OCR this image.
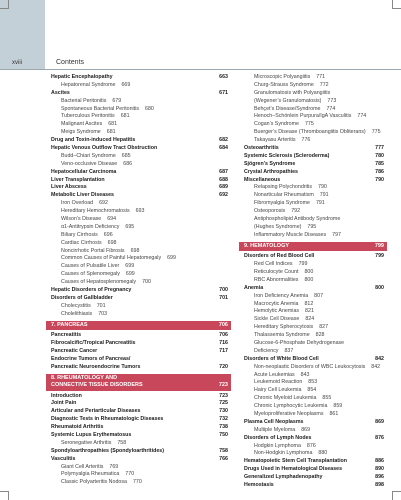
xviii	Contents
Hepatic Encephalopathy	663
Hepatorenal Syndrome 669
Ascites	671
Bacterial Peritonitis 679
Spontaneous Bacterial Peritonitis 680
Tuberculous Peritonitis 681
Malignant Ascites 681
Meigs Syndrome 681
Drug and Toxin-induced Hepatitis	682
Hepatic Venous Outflow Tract Obstruction	684
Budd–Chiari Syndrome 685
Veno-occlusive Disease 686
Hepatocellular Carcinoma	687
Liver Transplantation	688
Liver Abscess	689
Metabolic Liver Diseases	692
Iron Overload 692
Hereditary Hemochromatosis 693
Wilson’s Disease 694
α1-Antitrypsin Deficiency 695
Biliary Cirrhosis 696
Cardiac Cirrhosis 698
Noncirrhotic Portal Fibrosis 698
Common Causes of Painful Hepatomegaly 699
Causes of Pulsatile Liver 699
Causes of Splenomegaly 699
Causes of Hepatosplenomegaly 700
Hepatic Disorders of Pregnancy	700
Disorders of Gallbladder	701
Cholecystitis 701
Cholelithiasis 703
7. PANCREAS	706
Pancreatitis	706
Fibrocalcific/Tropical Pancreatitis	716
Pancreatic Cancer	717
Endocrine Tumors of Pancreas/
Pancreatic Neuroendocrine Tumors	720
8. RHEUMATOLOGY AND
CONNECTIVE TISSUE DISORDERS	723
Introduction	723
Joint Pain	725
Articular and Periarticular Diseases	730
Diagnostic Tests in Rheumatologic Diseases	732
Rheumatoid Arthritis	738
Systemic Lupus Erythematosus	750
Seronegative Arthritis 758
Spondyloarthropathies (Spondyloarthritides)	758
Vasculitis	766
Giant Cell Arteritis 769
Polymyalgia Rheumatica 770
Classic Polyarteritis Nodosa 770
Microscopic Polyangiitis 771
Churg-Strauss Syndrome 772
Granulomatosis with Polyangiitis
(Wegener’s Granulomatosis) 773
Behçet’s Disease/Syndrome 774
Henoch–Schönlein Purpura/IgA Vasculitis 774
Cogan’s Syndrome 775
Buerger’s Disease (Thromboangiitis Obliterans) 775
Takayasu Arteritis 776
Osteoarthritis	777
Systemic Sclerosis (Scleroderma)	780
Sjögren’s Syndrome	785
Crystal Arthropathies	786
Miscellaneous	790
Relapsing Polychondritis 790
Nonarticular Rheumatism 791
Fibromyalgia Syndrome 791
Osteoporosis 792
Antiphospholipid Antibody Syndrome
(Hughes Syndrome) 795
Inflammatory Muscle Diseases 797
9. HEMATOLOGY	799
Disorders of Red Blood Cell	799
Red Cell Indices 799
Reticulocyte Count 800
RBC Abnormalities 800
Anemia	800
Iron Deficiency Anemia 807
Macrocytic Anemia 812
Hemolytic Anemias 821
Sickle Cell Disease 824
Hereditary Spherocytosis 827
Thalassemia Syndrome 828
Glucose-6-Phosphate Dehydrogenase
Deficiency 837
Disorders of White Blood Cell	842
Non-neoplastic Disorders of WBC Leukocytosis 842
Acute Leukemias 843
Leukemoid Reaction 853
Hairy Cell Leukemia 854
Chronic Myeloid Leukemia 855
Chronic Lymphocytic Leukemia 859
Myeloproliferative Neoplasms 861
Plasma Cell Neoplasms	869
Multiple Myeloma 869
Disorders of Lymph Nodes	876
Hodgkin Lymphoma 876
Non-Hodgkin Lymphoma 880
Hematopoietic Stem Cell Transplantation	886
Drugs Used in Hematological Diseases	890
Generalized Lymphadenopathy	896
Hemostasis	898
